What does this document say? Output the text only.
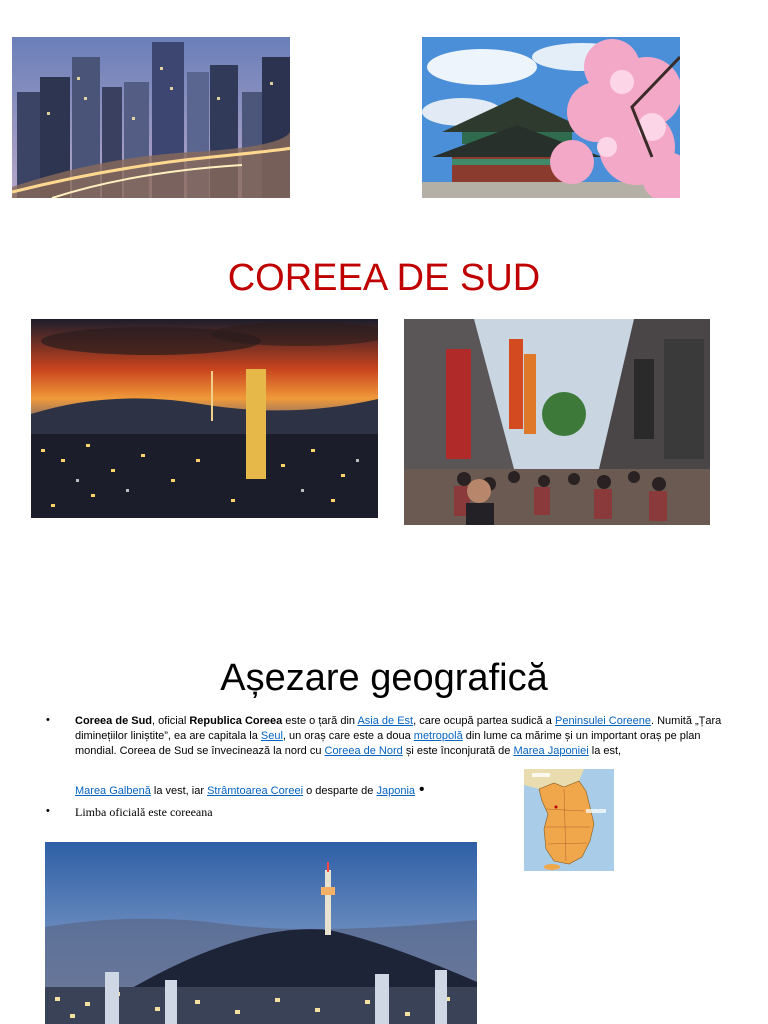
COREEA DE SUD
Așezare geografică
• Coreea de Sud, oficial Republica Coreea este o țară din Asia de Est, care ocupă partea sudică a Peninsulei Coreene. Numită „Țara diminețiilor liniștite”, ea are capitala la Seul, un oraș care este a doua metropolă din lume ca mărime și un important oraș pe plan mondial. Coreea de Sud se învecinează la nord cu Coreea de Nord și este înconjurată de Marea Japoniei la est,
Marea Galbenă la vest, iar Strâmtoarea Coreei o desparte de Japonia •
• Limba oficială este coreeana
